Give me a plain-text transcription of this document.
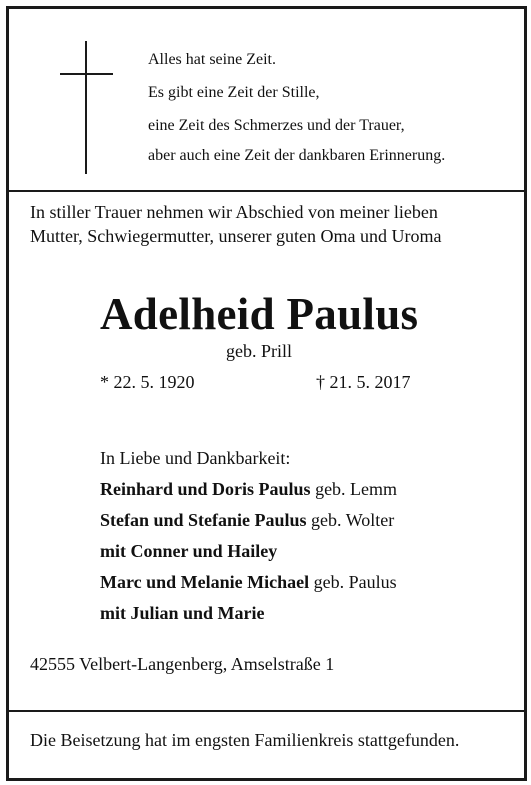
Alles hat seine Zeit.
Es gibt eine Zeit der Stille,
eine Zeit des Schmerzes und der Trauer,
aber auch eine Zeit der dankbaren Erinnerung.
In stiller Trauer nehmen wir Abschied von meiner lieben
Mutter, Schwiegermutter, unserer guten Oma und Uroma
Adelheid Paulus
geb. Prill
* 22. 5. 1920	† 21. 5. 2017
In Liebe und Dankbarkeit:
Reinhard und Doris Paulus geb. Lemm
Stefan und Stefanie Paulus geb. Wolter
mit Conner und Hailey
Marc und Melanie Michael geb. Paulus
mit Julian und Marie
42555 Velbert-Langenberg, Amselstraße 1
Die Beisetzung hat im engsten Familienkreis stattgefunden.
